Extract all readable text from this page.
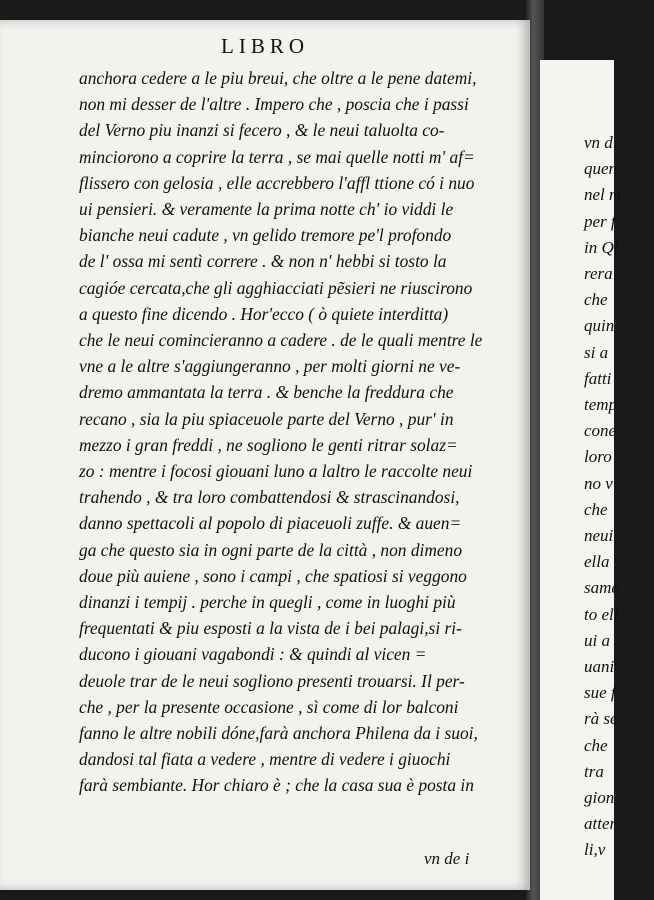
LIBRO
anchora cedere a le piu breui, che oltre a le pene datemi,
non mi desser de l'altre . Impero che , poscia che i passi
del Verno piu inanzi si fecero , & le neui taluolta co-
minciorono a coprire la terra , se mai quelle notti m' af=
flissero con gelosia , elle accrebbero l'affl ttione có i nuo
ui pensieri. & veramente la prima notte ch' io viddi le
bianche neui cadute , vn gelido tremore pe'l profondo
de l' ossa mi sentì correre . & non n' hebbi si tosto la
cagióe cercata,che gli agghiacciati pẽsieri ne riuscirono
a questo fine dicendo . Hor'ecco ( ò quiete interditta)
che le neui comincieranno a cadere . de le quali mentre le
vne a le altre s'aggiungeranno , per molti giorni ne ve-
dremo ammantata la terra . & benche la freddura che
recano , sia la piu spiaceuole parte del Verno , pur' in
mezzo i gran freddi , ne sogliono le genti ritrar solaz=
zo : mentre i focosi giouani luno a laltro le raccolte neui
trahendo , & tra loro combattendosi & strascinandosi,
danno spettacoli al popolo di piaceuoli zuffe. & auen=
ga che questo sia in ogni parte de la città , non dimeno
doue più auiene , sono i campi , che spatiosi si veggono
dinanzi i tempij . perche in quegli , come in luoghi più
frequentati & piu esposti a la vista de i bei palagi,si ri-
ducono i giouani vagabondi : & quindi al vicen =
deuole trar de le neui sogliono presenti trouarsi. Il per-
che , per la presente occasione , sì come di lor balconi
fanno le altre nobili dóne,farà anchora Philena da i suoi,
dandosi tal fiata a vedere , mentre di vedere i giuochi
farà sembiante. Hor chiaro è ; che la casa sua è posta in
vn de i
vn d
quen
nel m
per f
in Ql
rera
che
quin
si a
fatti
temp
cone
loro
no v
che
neui
ella
same
to ell
ui a
uani
sue f
rà se
che
tra
gion
atter
li,v
